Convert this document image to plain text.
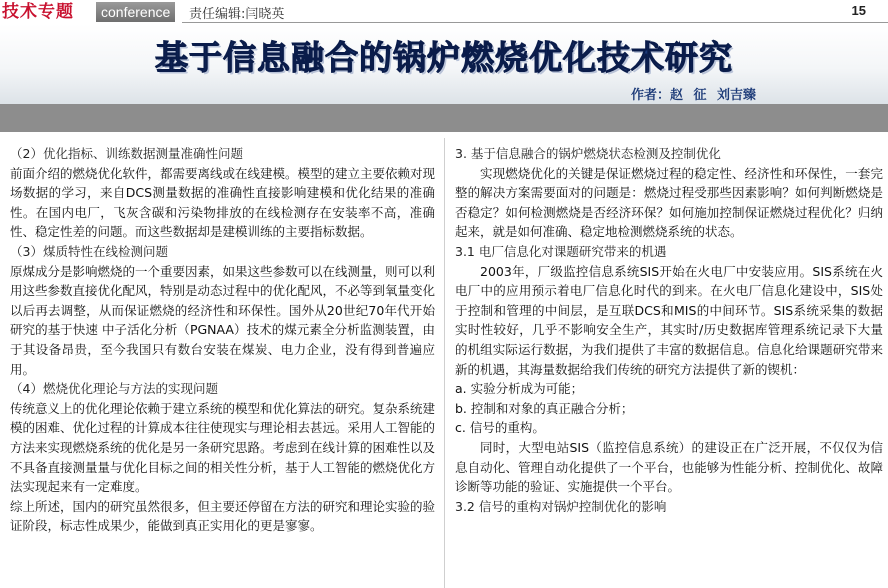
技术专题	conference	责任编辑:闫晓英	15
基于信息融合的锅炉燃烧优化技术研究
作者：赵 征 刘吉臻

（2）优化指标、训练数据测量准确性问题

前面介绍的燃烧优化软件，都需要离线或在线建模。模型的建立主要依赖对现场数据的学习，来自DCS测量数据的准确性直接影响建模和优化结果的准确性。在国内电厂，飞灰含碳和污染物排放的在线检测存在安装率不高，准确性、稳定性差的问题。而这些数据却是建模训练的主要指标数据。

（3）煤质特性在线检测问题

原煤成分是影响燃烧的一个重要因素，如果这些参数可以在线测量，则可以利用这些参数直接优化配风，特别是动态过程中的优化配风，不必等到氧量变化以后再去调整，从而保证燃烧的经济性和环保性。国外从20世纪70年代开始研究的基于快速 中子活化分析（PGNAA）技术的煤元素全分析监测装置，由于其设备昂贵，至今我国只有数台安装在煤炭、电力企业，没有得到普遍应用。

（4）燃烧优化理论与方法的实现问题

传统意义上的优化理论依赖于建立系统的模型和优化算法的研究。复杂系统建模的困难、优化过程的计算成本往往使现实与理论相去甚远。采用人工智能的方法来实现燃烧系统的优化是另一条研究思路。考虑到在线计算的困难性以及不具备直接测量量与优化目标之间的相关性分析，基于人工智能的燃烧优化方法实现起来有一定难度。

综上所述，国内的研究虽然很多，但主要还停留在方法的研究和理论实验的验证阶段，标志性成果少，能做到真正实用化的更是寥寥。

3. 基于信息融合的锅炉燃烧状态检测及控制优化

实现燃烧优化的关键是保证燃烧过程的稳定性、经济性和环保性，一套完整的解决方案需要面对的问题是：燃烧过程受那些因素影响？如何判断燃烧是否稳定？如何检测燃烧是否经济环保？如何施加控制保证燃烧过程优化？归纳起来，就是如何准确、稳定地检测燃烧系统的状态。

3.1 电厂信息化对课题研究带来的机遇

2003年，厂级监控信息系统SIS开始在火电厂中安装应用。SIS系统在火电厂中的应用预示着电厂信息化时代的到来。在火电厂信息化建设中，SIS处于控制和管理的中间层，是互联DCS和MIS的中间环节。SIS系统采集的数据实时性较好，几乎不影响安全生产，其实时/历史数据库管理系统记录下大量的机组实际运行数据，为我们提供了丰富的数据信息。信息化给课题研究带来新的机遇，其海量数据给我们传统的研究方法提供了新的锲机：

a. 实验分析成为可能；

b. 控制和对象的真正融合分析；

c. 信号的重构。

同时，大型电站SIS（监控信息系统）的建设正在广泛开展，不仅仅为信息自动化、管理自动化提供了一个平台，也能够为性能分析、控制优化、故障诊断等功能的验证、实施提供一个平台。

3.2 信号的重构对锅炉控制优化的影响
